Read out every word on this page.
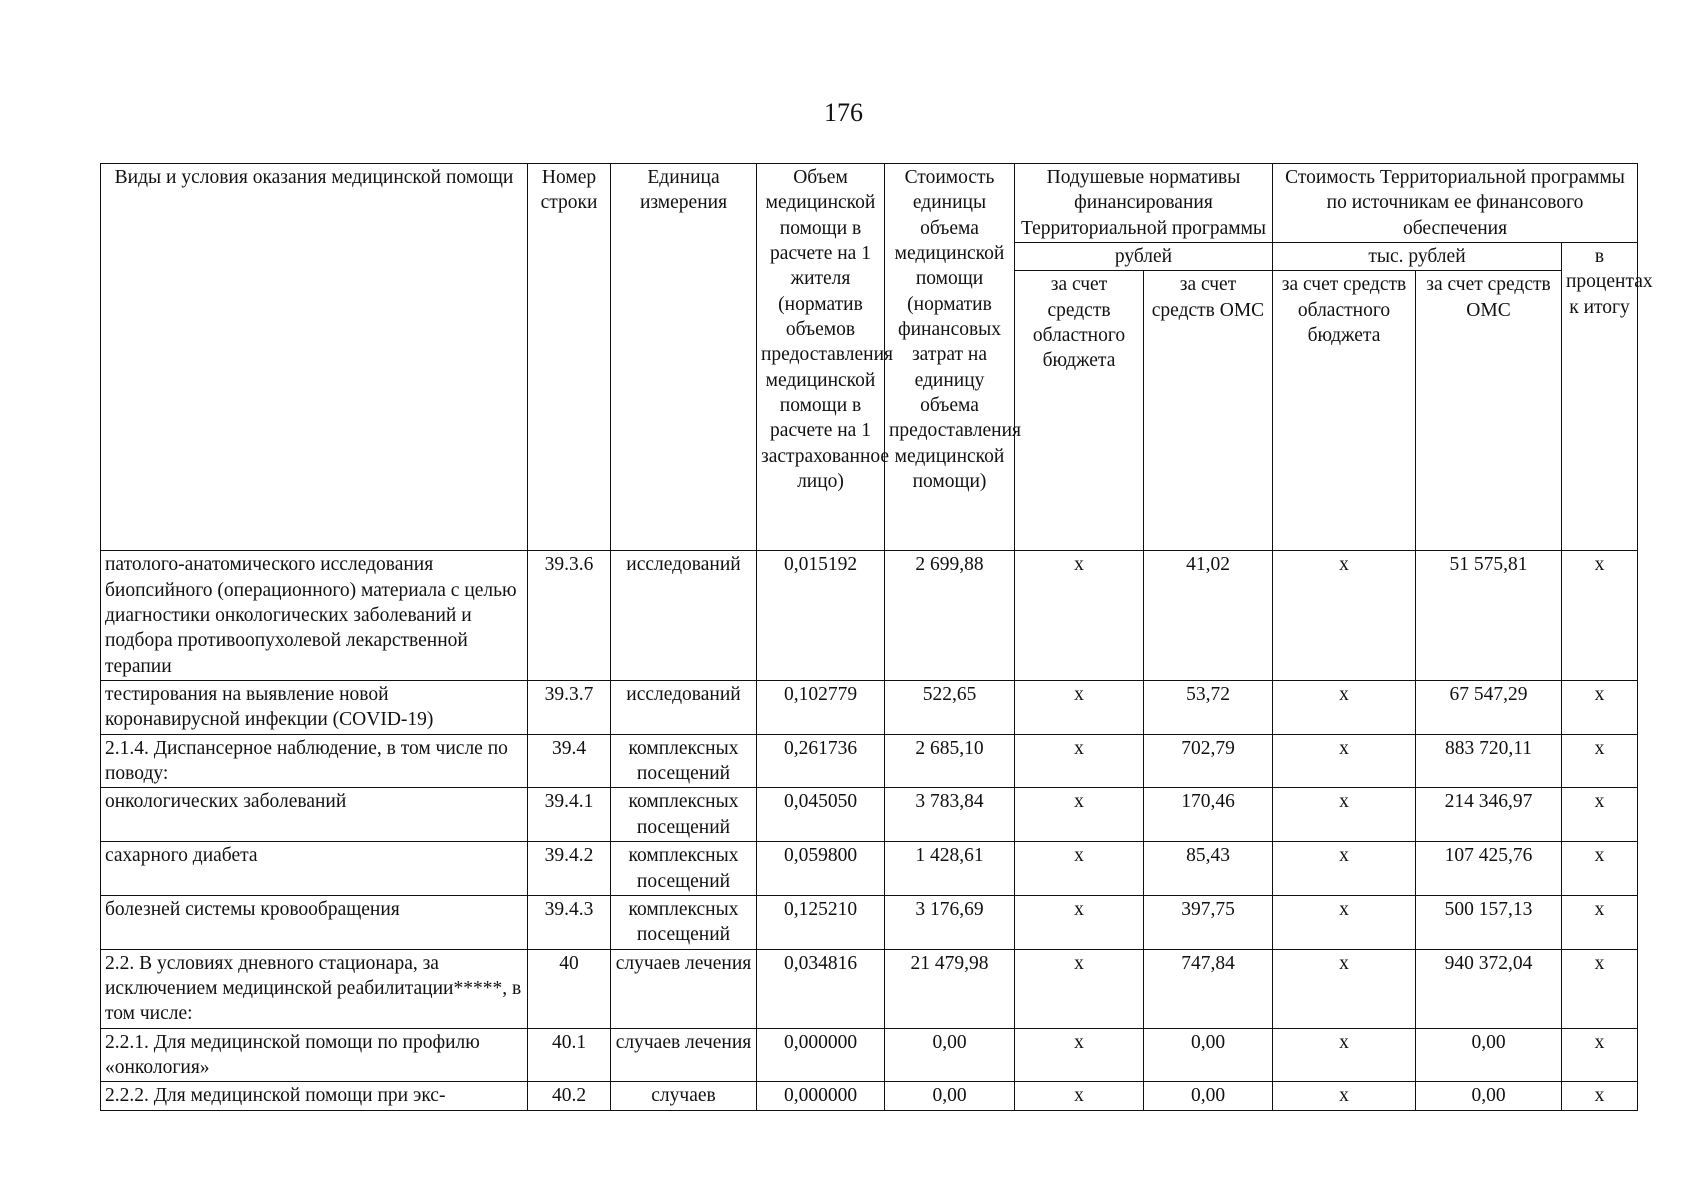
176
Виды и условия оказания медицинской помощи	Номер строки	Единица измерения	Объем медицинской помощи в расчете на 1 жителя (норматив объемов предоставления медицинской помощи в расчете на 1 застрахованное лицо)	Стоимость единицы объема медицинской помощи (норматив финансовых затрат на единицу объема предоставления медицинской помощи)	Подушевые нормативы финансирования Территориальной программы		Стоимость Территориальной программы по источникам ее финансового обеспечения		
					рублей		тыс. рублей		в процентах к итогу
					за счет средств областного бюджета	за счет средств ОМС	за счет средств областного бюджета	за счет средств ОМС	
патолого-анатомического исследования биопсийного (операционного) материала с целью диагностики онкологических заболеваний и подбора противоопухолевой лекарственной терапии	39.3.6	исследований	0,015192	2 699,88	х	41,02	х	51 575,81	х
тестирования на выявление новой коронавирусной инфекции (COVID-19)	39.3.7	исследований	0,102779	522,65	х	53,72	х	67 547,29	х
2.1.4. Диспансерное наблюдение, в том числе по поводу:	39.4	комплексных посещений	0,261736	2 685,10	х	702,79	х	883 720,11	х
онкологических заболеваний	39.4.1	комплексных посещений	0,045050	3 783,84	х	170,46	х	214 346,97	х
сахарного диабета	39.4.2	комплексных посещений	0,059800	1 428,61	х	85,43	х	107 425,76	х
болезней системы кровообращения	39.4.3	комплексных посещений	0,125210	3 176,69	х	397,75	х	500 157,13	х
2.2. В условиях дневного стационара, за исключением медицинской реабилитации*****, в том числе:	40	случаев лечения	0,034816	21 479,98	х	747,84	х	940 372,04	х
2.2.1. Для медицинской помощи по профилю «онкология»	40.1	случаев лечения	0,000000	0,00	х	0,00	х	0,00	х
2.2.2. Для медицинской помощи при экс-	40.2	случаев	0,000000	0,00	х	0,00	х	0,00	х
